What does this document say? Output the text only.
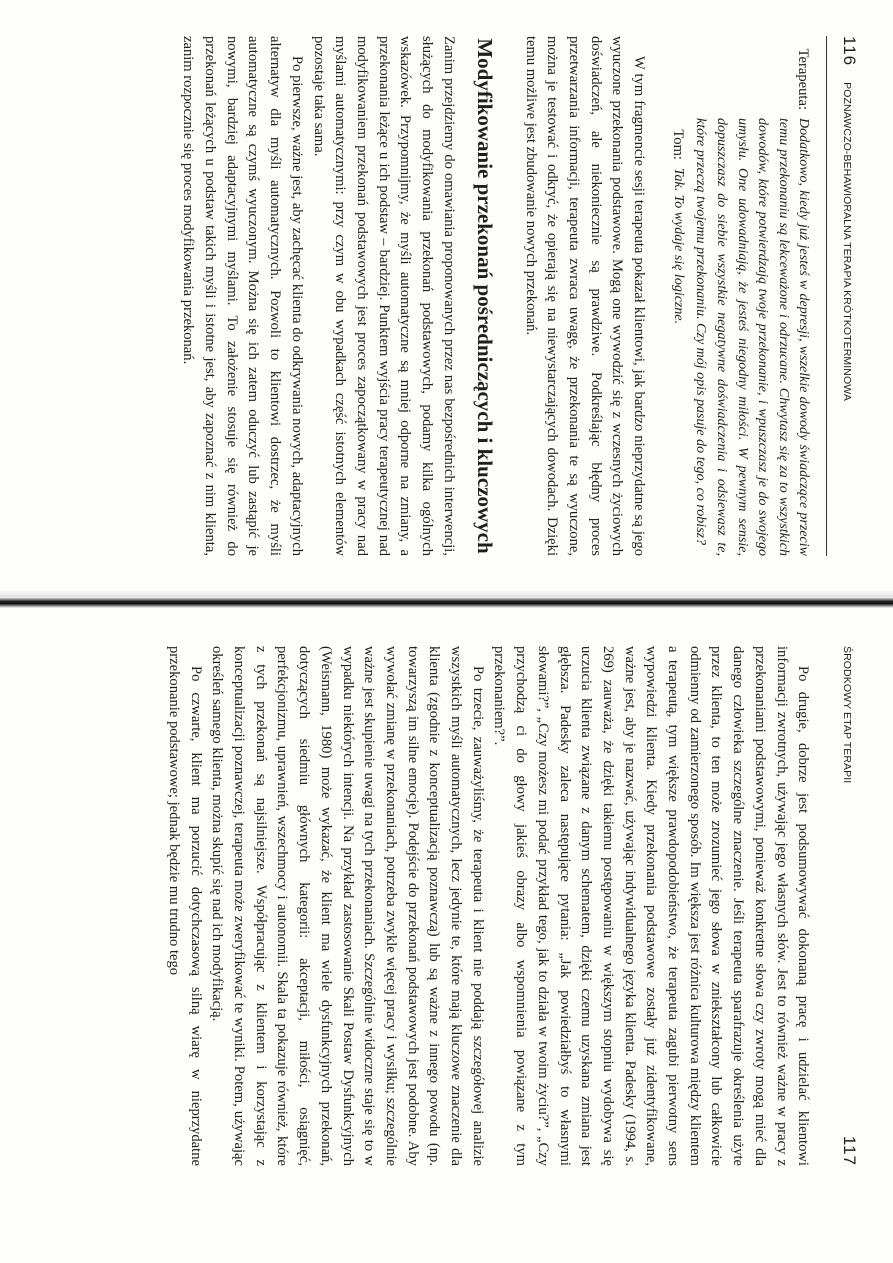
116
POZNAWCZO-BEHAWIORALNA TERAPIA KRÓTKOTERMINOWA
Terapeuta:
Dodatkowo, kiedy już jesteś w depresji, wszelkie dowody świadczące przeciw temu przekonaniu są lekceważone i odrzucane. Chwytasz się za to wszystkich dowodów, które potwierdzają twoje przekonanie, i wpuszczasz je do swojego umysłu. One udowadniają, że jesteś niegodny miłości. W pewnym sensie, dopuszczasz do siebie wszystkie negatywne doświadczenia i odsiewasz te, które przeczą twojemu przekonaniu. Czy mój opis pasuje do tego, co robisz?
Tom:
Tak. To wydaje się logiczne.

W tym fragmencie sesji terapeuta pokazał klientowi, jak bardzo nieprzydatne są jego wyuczone przekonania podstawowe. Mogą one wywodzić się z wczesnych życiowych doświadczeń, ale niekoniecznie są prawdziwe. Podkreślając błędny proces przetwarzania informacji, terapeuta zwraca uwagę, że przekonania te są wyuczone, można je testować i odkryć, że opierają się na niewystarczających dowodach. Dzięki temu możliwe jest zbudowanie nowych przekonań.

Modyfikowanie przekonań pośredniczących i kluczowych

Zanim przejdziemy do omawiania proponowanych przez nas bezpośrednich interwencji, służących do modyfikowania przekonań podstawowych, podamy kilka ogólnych wskazówek. Przypomnijmy, że myśli automatyczne są mniej odporne na zmiany, a przekonania leżące u ich podstaw – bardziej. Punktem wyjścia pracy terapeutycznej nad modyfikowaniem przekonań podstawowych jest proces zapoczątkowany w pracy nad myślami automatycznymi: przy czym w obu wypadkach część istotnych elementów pozostaje taka sama.

Po pierwsze, ważne jest, aby zachęcać klienta do odkrywania nowych, adaptacyjnych alternatyw dla myśli automatycznych. Pozwoli to klientowi dostrzec, że myśli automatyczne są czymś wyuczonym. Można się ich zatem oduczyć lub zastąpić je nowymi, bardziej adaptacyjnymi myślami. To założenie stosuje się również do przekonań leżących u podstaw takich myśli i istotne jest, aby zapoznać z nim klienta, zanim rozpocznie się proces modyfikowania przekonań.

ŚRODKOWY ETAP TERAPII
117

Po drugie, dobrze jest podsumowywać dokonaną pracę i udzielać klientowi informacji zwrotnych, używając jego własnych słów. Jest to również ważne w pracy z przekonaniami podstawowymi, ponieważ konkretne słowa czy zwroty mogą mieć dla danego człowieka szczególne znaczenie. Jeśli terapeuta sparafrazuje określenia użyte przez klienta, to ten może zrozumieć jego słowa w zniekształcony lub całkowicie odmienny od zamierzonego sposób. Im większa jest różnica kulturowa między klientem a terapeutą, tym większe prawdopodobieństwo, że terapeuta zagubi pierwotny sens wypowiedzi klienta. Kiedy przekonania podstawowe zostały już zidentyfikowane, ważne jest, aby je nazwać, używając indywidualnego języka klienta. Padesky (1994, s. 269) zauważa, że dzięki takiemu postępowaniu w większym stopniu wydobywa się uczucia klienta związane z danym schematem, dzięki czemu uzyskana zmiana jest głębsza. Padesky zaleca następujące pytania: „Jak powiedziałbyś to własnymi słowami?”, „Czy możesz mi podać przykład tego, jak to działa w twoim życiu?”, „Czy przychodzą ci do głowy jakieś obrazy albo wspomnienia powiązane z tym przekonaniem?”.

Po trzecie, zauważyliśmy, że terapeuta i klient nie poddają szczegółowej analizie wszystkich myśli automatycznych, lecz jedynie te, które mają kluczowe znaczenie dla klienta (zgodnie z konceptualizacją poznawczą) lub są ważne z innego powodu (np. towarzyszą im silne emocje). Podejście do przekonań podstawowych jest podobne. Aby wywołać zmianę w przekonaniach, potrzeba zwykle więcej pracy i wysiłku; szczególnie ważne jest skupienie uwagi na tych przekonaniach. Szczególnie widoczne staje się to w wypadku niektórych intencji. Na przykład zastosowanie Skali Postaw Dysfunkcyjnych (Weismann, 1980) może wykazać, że klient ma wiele dysfunkcyjnych przekonań, dotyczących siedmiu głównych kategorii: akceptacji, miłości, osiągnięć, perfekcjonizmu, uprawnień, wszechmocy i autonomii. Skala ta pokazuje również, które z tych przekonań są najsilniejsze. Współpracując z klientem i korzystając z konceptualizacji poznawczej, terapeuta może zweryfikować te wyniki. Potem, używając określeń samego klienta, można skupić się nad ich modyfikacją.

Po czwarte, klient ma porzucić dotychczasową silną wiarę w nieprzydatne przekonanie podstawowe; jednak będzie mu trudno tego
